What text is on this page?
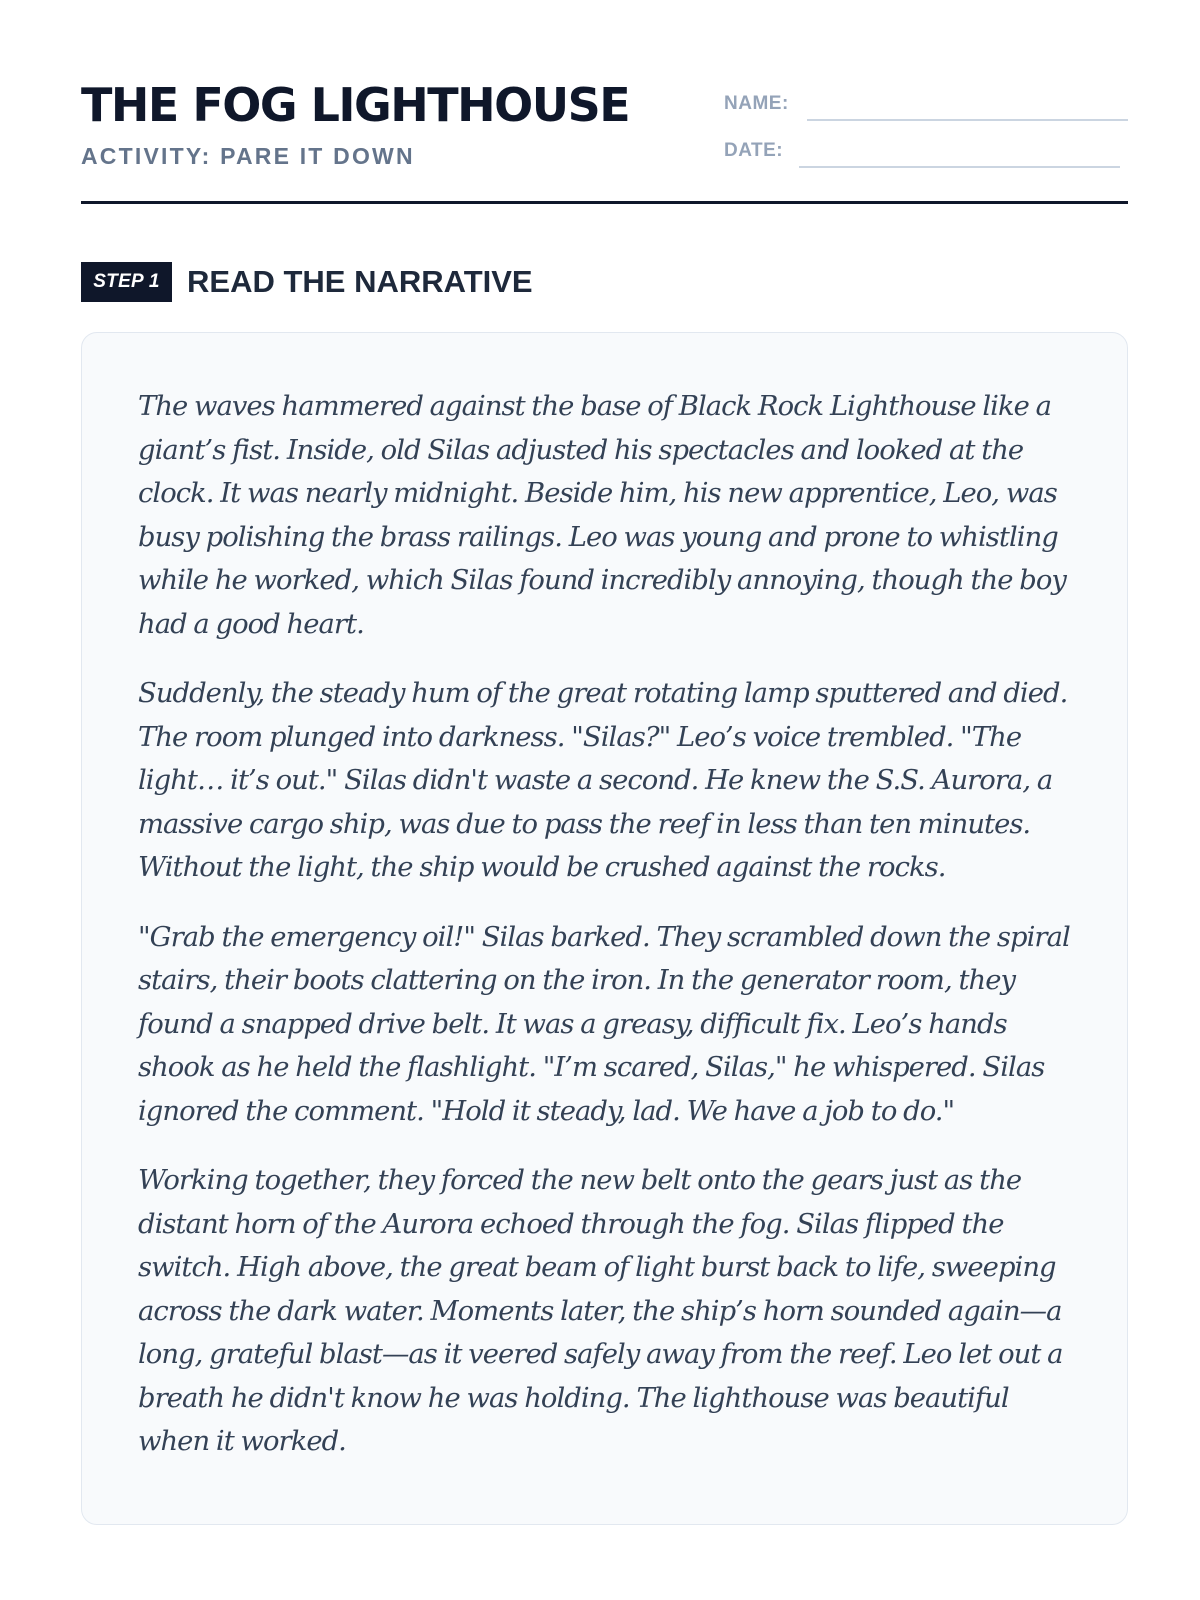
THE FOG LIGHTHOUSE
ACTIVITY: PARE IT DOWN
NAME:
DATE:
STEP 1 READ THE NARRATIVE

The waves hammered against the base of Black Rock Lighthouse like a giant’s fist. Inside, old Silas adjusted his spectacles and looked at the clock. It was nearly midnight. Beside him, his new apprentice, Leo, was busy polishing the brass railings. Leo was young and prone to whistling while he worked, which Silas found incredibly annoying, though the boy had a good heart.

Suddenly, the steady hum of the great rotating lamp sputtered and died. The room plunged into darkness. "Silas?" Leo’s voice trembled. "The light… it’s out." Silas didn't waste a second. He knew the S.S. Aurora, a massive cargo ship, was due to pass the reef in less than ten minutes. Without the light, the ship would be crushed against the rocks.

"Grab the emergency oil!" Silas barked. They scrambled down the spiral stairs, their boots clattering on the iron. In the generator room, they found a snapped drive belt. It was a greasy, difficult fix. Leo’s hands shook as he held the flashlight. "I’m scared, Silas," he whispered. Silas ignored the comment. "Hold it steady, lad. We have a job to do."

Working together, they forced the new belt onto the gears just as the distant horn of the Aurora echoed through the fog. Silas flipped the switch. High above, the great beam of light burst back to life, sweeping across the dark water. Moments later, the ship’s horn sounded again—a long, grateful blast—as it veered safely away from the reef. Leo let out a breath he didn't know he was holding. The lighthouse was beautiful when it worked.
